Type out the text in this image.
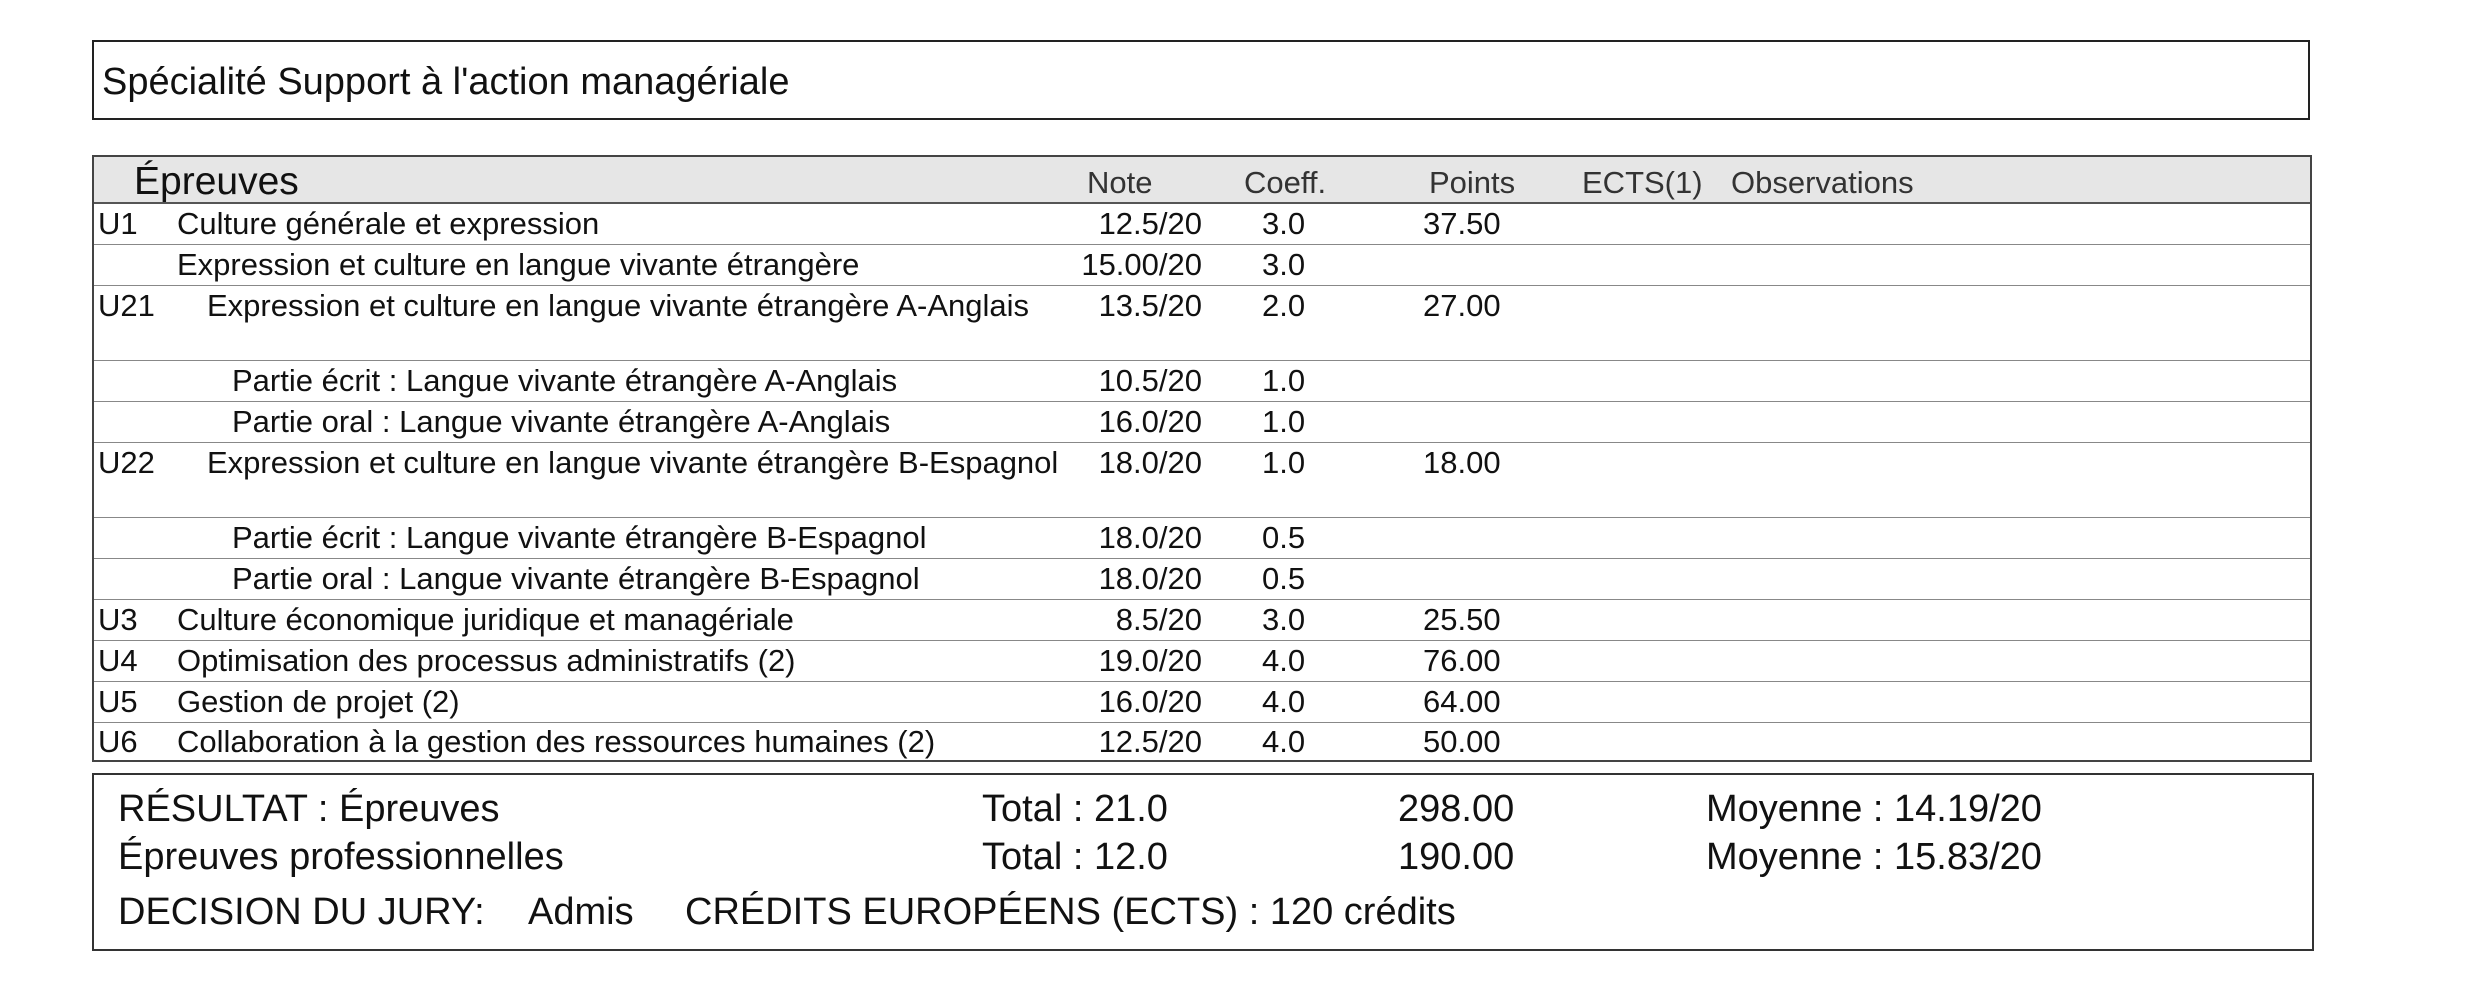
Spécialité Support à l'action managériale
Épreuves	Note	Coeff.	Points ECTS(1) Observations
U1 Culture générale et expression	12.5/20 3.0	37.50
Expression et culture en langue vivante étrangère	15.00/20 3.0
U21	Expression et culture en langue vivante étrangère A-Anglais	13.5/20 2.0	27.00
Partie écrit : Langue vivante étrangère A-Anglais	10.5/20 1.0
Partie oral : Langue vivante étrangère A-Anglais	16.0/20 1.0
U22	Expression et culture en langue vivante étrangère B-Espagnol	18.0/20 1.0	18.00
Partie écrit : Langue vivante étrangère B-Espagnol	18.0/20 0.5
Partie oral : Langue vivante étrangère B-Espagnol	18.0/20 0.5
U3 Culture économique juridique et managériale	8.5/20 3.0	25.50
U4 Optimisation des processus administratifs (2)	19.0/20 4.0	76.00
U5 Gestion de projet (2)	16.0/20 4.0	64.00
U6 Collaboration à la gestion des ressources humaines (2)	12.5/20 4.0	50.00
RÉSULTAT : Épreuves	Total : 21.0	298.00	Moyenne : 14.19/20
Épreuves professionnelles	Total : 12.0	190.00	Moyenne : 15.83/20
DECISION DU JURY: Admis CRÉDITS EUROPÉENS (ECTS) : 120 crédits
